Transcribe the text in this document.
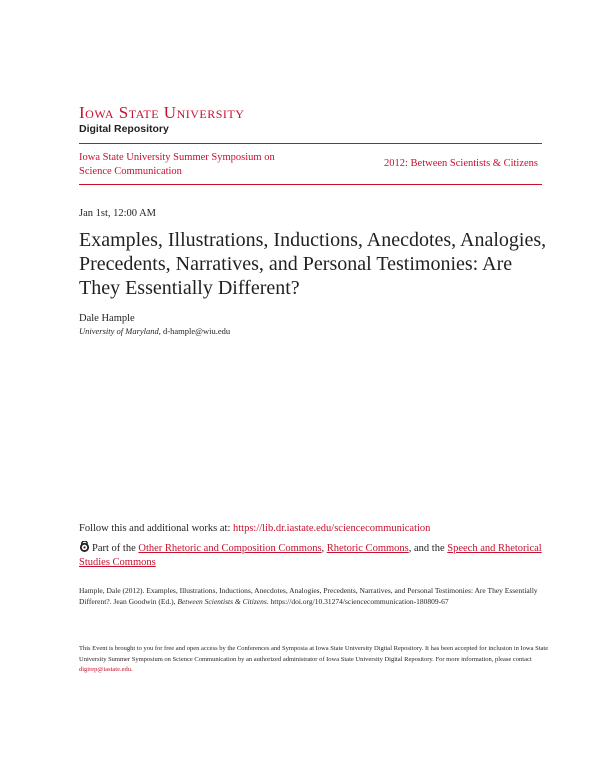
Iowa State University
Digital Repository
Iowa State University Summer Symposium on Science Communication
2012: Between Scientists & Citizens
Jan 1st, 12:00 AM
Examples, Illustrations, Inductions, Anecdotes, Analogies, Precedents, Narratives, and Personal Testimonies: Are They Essentially Different?
Dale Hample
University of Maryland, d-hample@wiu.edu
Follow this and additional works at: https://lib.dr.iastate.edu/sciencecommunication
Part of the Other Rhetoric and Composition Commons, Rhetoric Commons, and the Speech and Rhetorical Studies Commons
Hample, Dale (2012). Examples, Illustrations, Inductions, Anecdotes, Analogies, Precedents, Narratives, and Personal Testimonies: Are They Essentially Different?. Jean Goodwin (Ed.), Between Scientists & Citizens. https://doi.org/10.31274/sciencecommunication-180809-67
This Event is brought to you for free and open access by the Conferences and Symposia at Iowa State University Digital Repository. It has been accepted for inclusion in Iowa State University Summer Symposium on Science Communication by an authorized administrator of Iowa State University Digital Repository. For more information, please contact digirep@iastate.edu.
